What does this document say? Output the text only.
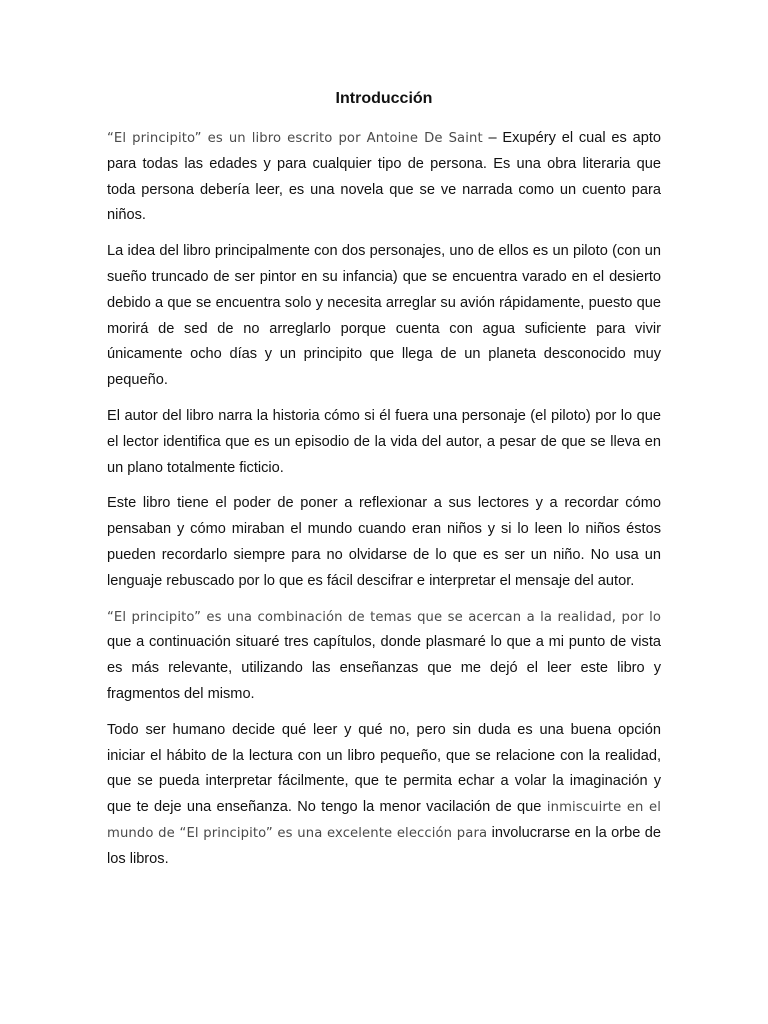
Introducción

“El principito” es un libro escrito por Antoine De Saint – Exupéry el cual es apto para todas las edades y para cualquier tipo de persona. Es una obra literaria que toda persona debería leer, es una novela que se ve narrada como un cuento para niños.

La idea del libro principalmente con dos personajes, uno de ellos es un piloto (con un sueño truncado de ser pintor en su infancia) que se encuentra varado en el desierto debido a que se encuentra solo y necesita arreglar su avión rápidamente, puesto que morirá de sed de no arreglarlo porque cuenta con agua suficiente para vivir únicamente ocho días y un principito que llega de un planeta desconocido muy pequeño.

El autor del libro narra la historia cómo si él fuera una personaje (el piloto) por lo que el lector identifica que es un episodio de la vida del autor, a pesar de que se lleva en un plano totalmente ficticio.

Este libro tiene el poder de poner a reflexionar a sus lectores y a recordar cómo pensaban y cómo miraban el mundo cuando eran niños y si lo leen lo niños éstos pueden recordarlo siempre para no olvidarse de lo que es ser un niño. No usa un lenguaje rebuscado por lo que es fácil descifrar e interpretar el mensaje del autor.

“El principito” es una combinación de temas que se acercan a la realidad, por lo que a continuación situaré tres capítulos, donde plasmaré lo que a mi punto de vista es más relevante, utilizando las enseñanzas que me dejó el leer este libro y fragmentos del mismo.

Todo ser humano decide qué leer y qué no, pero sin duda es una buena opción iniciar el hábito de la lectura con un libro pequeño, que se relacione con la realidad, que se pueda interpretar fácilmente, que te permita echar a volar la imaginación y que te deje una enseñanza. No tengo la menor vacilación de que inmiscuirte en el mundo de “El principito” es una excelente elección para involucrarse en la orbe de los libros.
